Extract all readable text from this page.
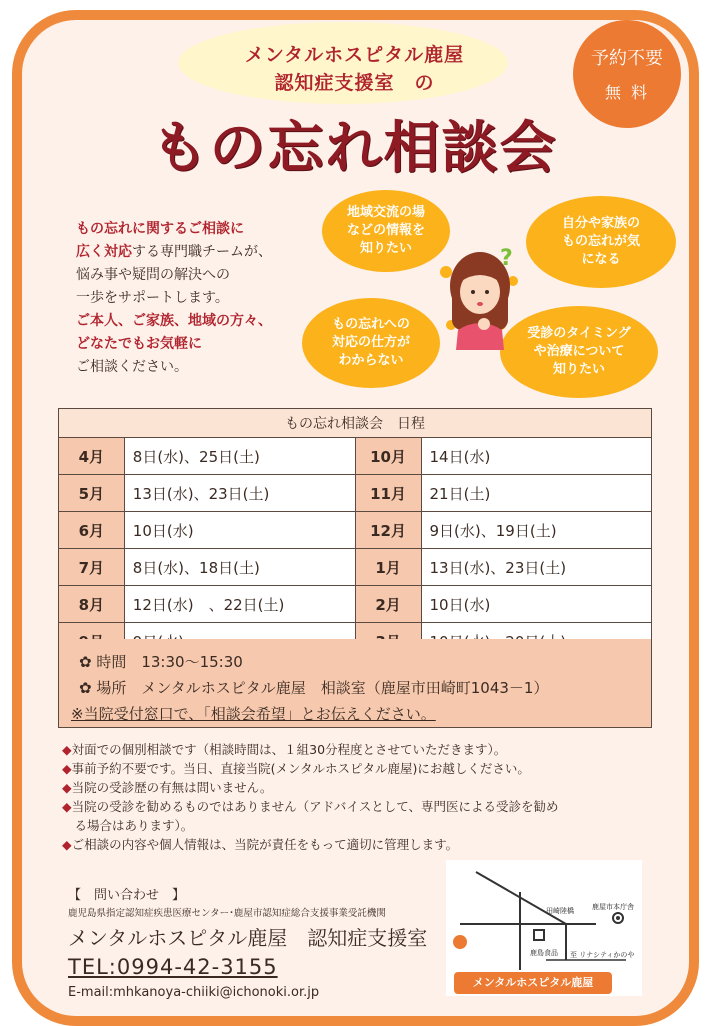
メンタルホスピタル鹿屋
認知症支援室　の
もの忘れ相談会
予約不要
無料
もの忘れに関するご相談に
広く対応する専門職チームが、
悩み事や疑問の解決への
一歩をサポートします。
ご本人、ご家族、地域の方々、
どなたでもお気軽に
ご相談ください。
地域交流の場
などの情報を
知りたい
自分や家族の
もの忘れが気
になる
もの忘れへの
対応の仕方が
わからない
受診のタイミング
や治療について
知りたい
?
もの忘れ相談会　日程			
4月	8日(水)、25日(土)	10月	14日(水)
5月	13日(水)、23日(土)	11月	21日(土)
6月	10日(水)	12月	9日(水)、19日(土)
7月	8日(水)、18日(土)	1月	13日(水)、23日(土)
8月	12日(水)　、22日(土)	2月	10日(水)

✿ 時間　13:30～15:30
✿ 場所　メンタルホスピタル鹿屋　相談室（鹿屋市田崎町1043－1）
※当院受付窓口で、「相談会希望」とお伝えください。
◆対面での個別相談です（相談時間は、１組30分程度とさせていただきます）。
◆事前予約不要です。当日、直接当院(メンタルホスピタル鹿屋)にお越しください。
◆当院の受診歴の有無は問いません。
◆当院の受診を勧めるものではありません（アドバイスとして、専門医による受診を勧め
　る場合はあります）。
◆ご相談の内容や個人情報は、当院が責任をもって適切に管理します。
【　問い合わせ　】
鹿児島県指定認知症疾患医療センター･鹿屋市認知症総合支援事業受託機関
メンタルホスピタル鹿屋　認知症支援室
TEL:0994-42-3155
E-mail:mhkanoya-chiiki@ichonoki.or.jp
田崎陸橋	鹿屋市本庁舎
鹿島食品 至 リナシティかのや
メンタルホスピタル鹿屋
